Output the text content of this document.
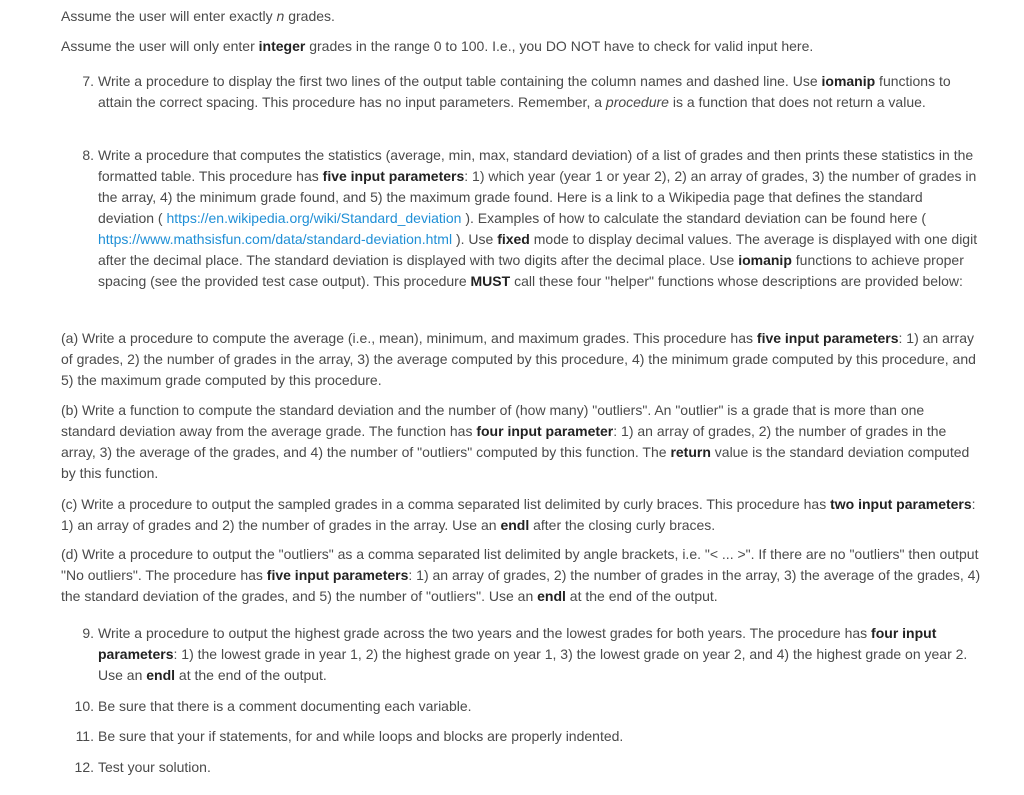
Assume the user will enter exactly n grades.

Assume the user will only enter integer grades in the range 0 to 100. I.e., you DO NOT have to check for valid input here.

7. Write a procedure to display the first two lines of the output table containing the column names and dashed line. Use iomanip functions to attain the correct spacing. This procedure has no input parameters. Remember, a procedure is a function that does not return a value.
8. Write a procedure that computes the statistics (average, min, max, standard deviation) of a list of grades and then prints these statistics in the formatted table. This procedure has five input parameters: 1) which year (year 1 or year 2), 2) an array of grades, 3) the number of grades in the array, 4) the minimum grade found, and 5) the maximum grade found. Here is a link to a Wikipedia page that defines the standard deviation ( https://en.wikipedia.org/wiki/Standard_deviation ). Examples of how to calculate the standard deviation can be found here ( https://www.mathsisfun.com/data/standard-deviation.html ). Use fixed mode to display decimal values. The average is displayed with one digit after the decimal place. The standard deviation is displayed with two digits after the decimal place. Use iomanip functions to achieve proper spacing (see the provided test case output). This procedure MUST call these four "helper" functions whose descriptions are provided below:

(a) Write a procedure to compute the average (i.e., mean), minimum, and maximum grades. This procedure has five input parameters: 1) an array of grades, 2) the number of grades in the array, 3) the average computed by this procedure, 4) the minimum grade computed by this procedure, and 5) the maximum grade computed by this procedure.

(b) Write a function to compute the standard deviation and the number of (how many) "outliers". An "outlier" is a grade that is more than one standard deviation away from the average grade. The function has four input parameter: 1) an array of grades, 2) the number of grades in the array, 3) the average of the grades, and 4) the number of "outliers" computed by this function. The return value is the standard deviation computed by this function.

(c) Write a procedure to output the sampled grades in a comma separated list delimited by curly braces. This procedure has two input parameters: 1) an array of grades and 2) the number of grades in the array. Use an endl after the closing curly braces.

(d) Write a procedure to output the "outliers" as a comma separated list delimited by angle brackets, i.e. "< ... >". If there are no "outliers" then output "No outliers". The procedure has five input parameters: 1) an array of grades, 2) the number of grades in the array, 3) the average of the grades, 4) the standard deviation of the grades, and 5) the number of "outliers". Use an endl at the end of the output.

9. Write a procedure to output the highest grade across the two years and the lowest grades for both years. The procedure has four input parameters: 1) the lowest grade in year 1, 2) the highest grade on year 1, 3) the lowest grade on year 2, and 4) the highest grade on year 2. Use an endl at the end of the output.
10. Be sure that there is a comment documenting each variable.
11. Be sure that your if statements, for and while loops and blocks are properly indented.
12. Test your solution.
